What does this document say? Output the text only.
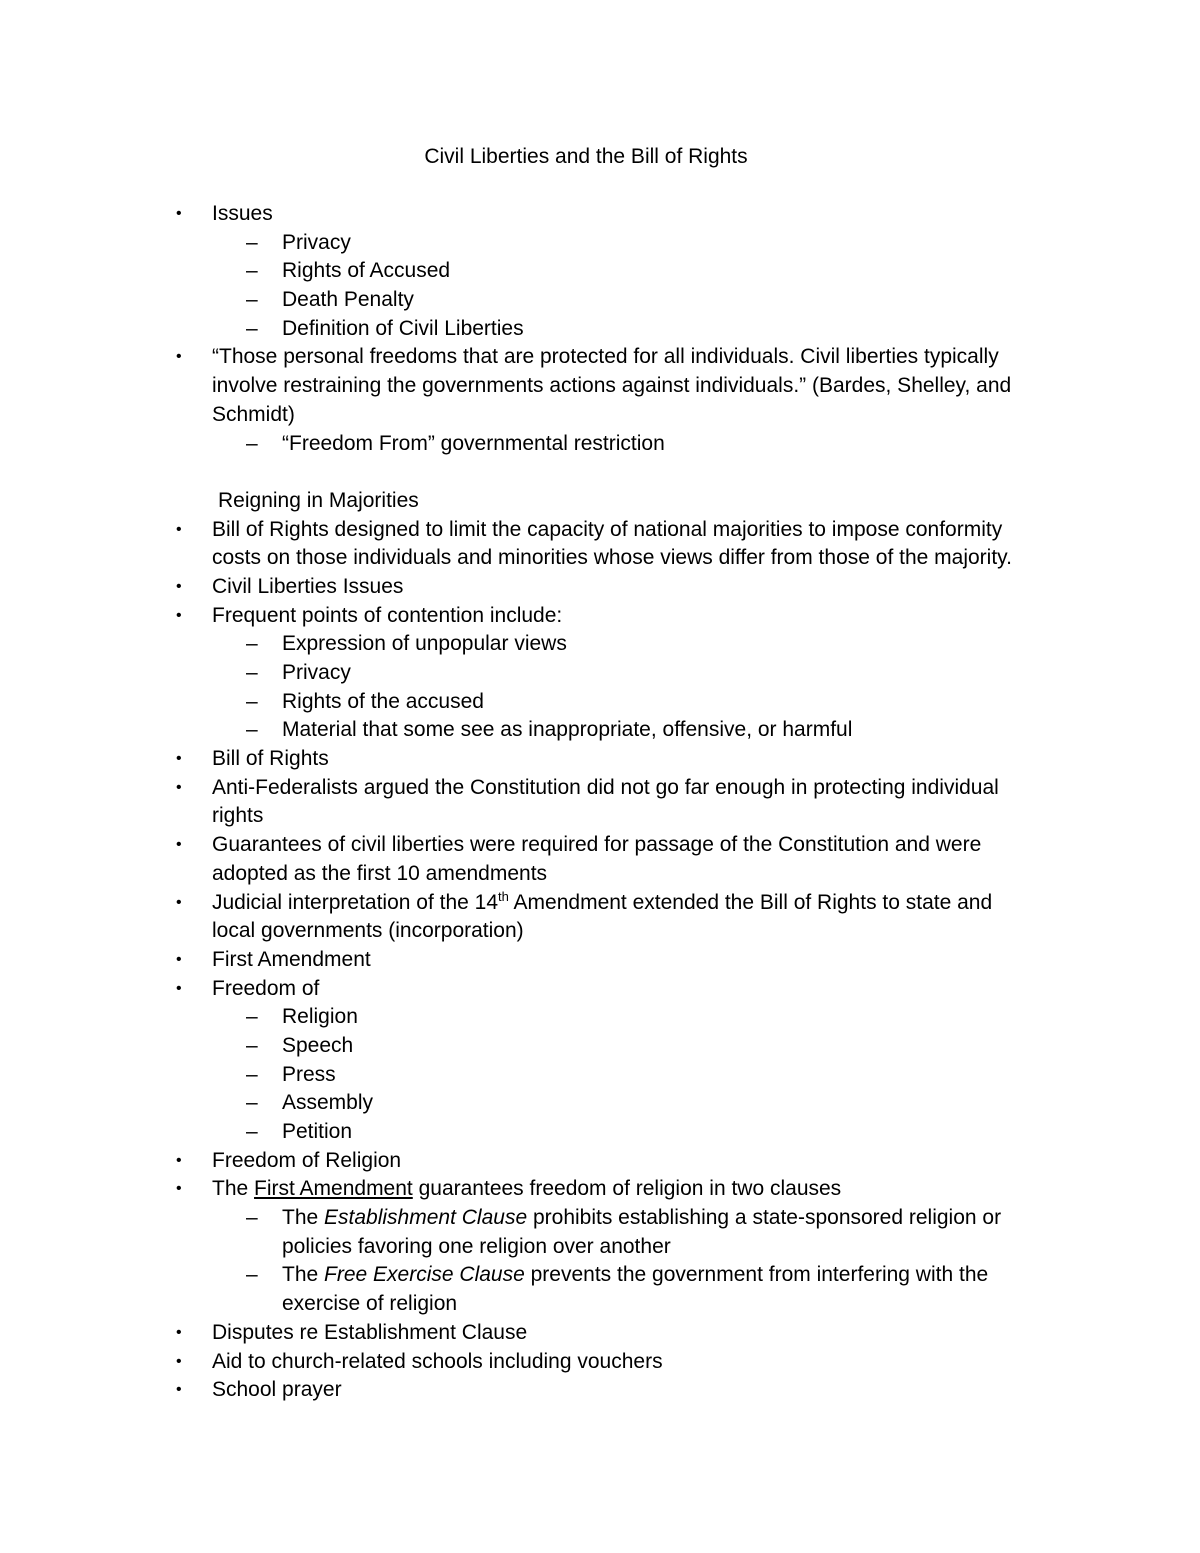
Civil Liberties and the Bill of Rights
• Issues
– Privacy
– Rights of Accused
– Death Penalty
– Definition of Civil Liberties
• “Those personal freedoms that are protected for all individuals. Civil liberties typically
involve restraining the governments actions against individuals.” (Bardes, Shelley, and
Schmidt)
– “Freedom From” governmental restriction
Reigning in Majorities
• Bill of Rights designed to limit the capacity of national majorities to impose conformity
costs on those individuals and minorities whose views differ from those of the majority.
• Civil Liberties Issues
• Frequent points of contention include:
– Expression of unpopular views
– Privacy
– Rights of the accused
– Material that some see as inappropriate, offensive, or harmful
• Bill of Rights
• Anti-Federalists argued the Constitution did not go far enough in protecting individual
rights
• Guarantees of civil liberties were required for passage of the Constitution and were
adopted as the first 10 amendments
• Judicial interpretation of the 14th Amendment extended the Bill of Rights to state and
local governments (incorporation)
• First Amendment
• Freedom of
– Religion
– Speech
– Press
– Assembly
– Petition
• Freedom of Religion
• The First Amendment guarantees freedom of religion in two clauses
– The Establishment Clause prohibits establishing a state-sponsored religion or
policies favoring one religion over another
– The Free Exercise Clause prevents the government from interfering with the
exercise of religion
• Disputes re Establishment Clause
• Aid to church-related schools including vouchers
• School prayer
